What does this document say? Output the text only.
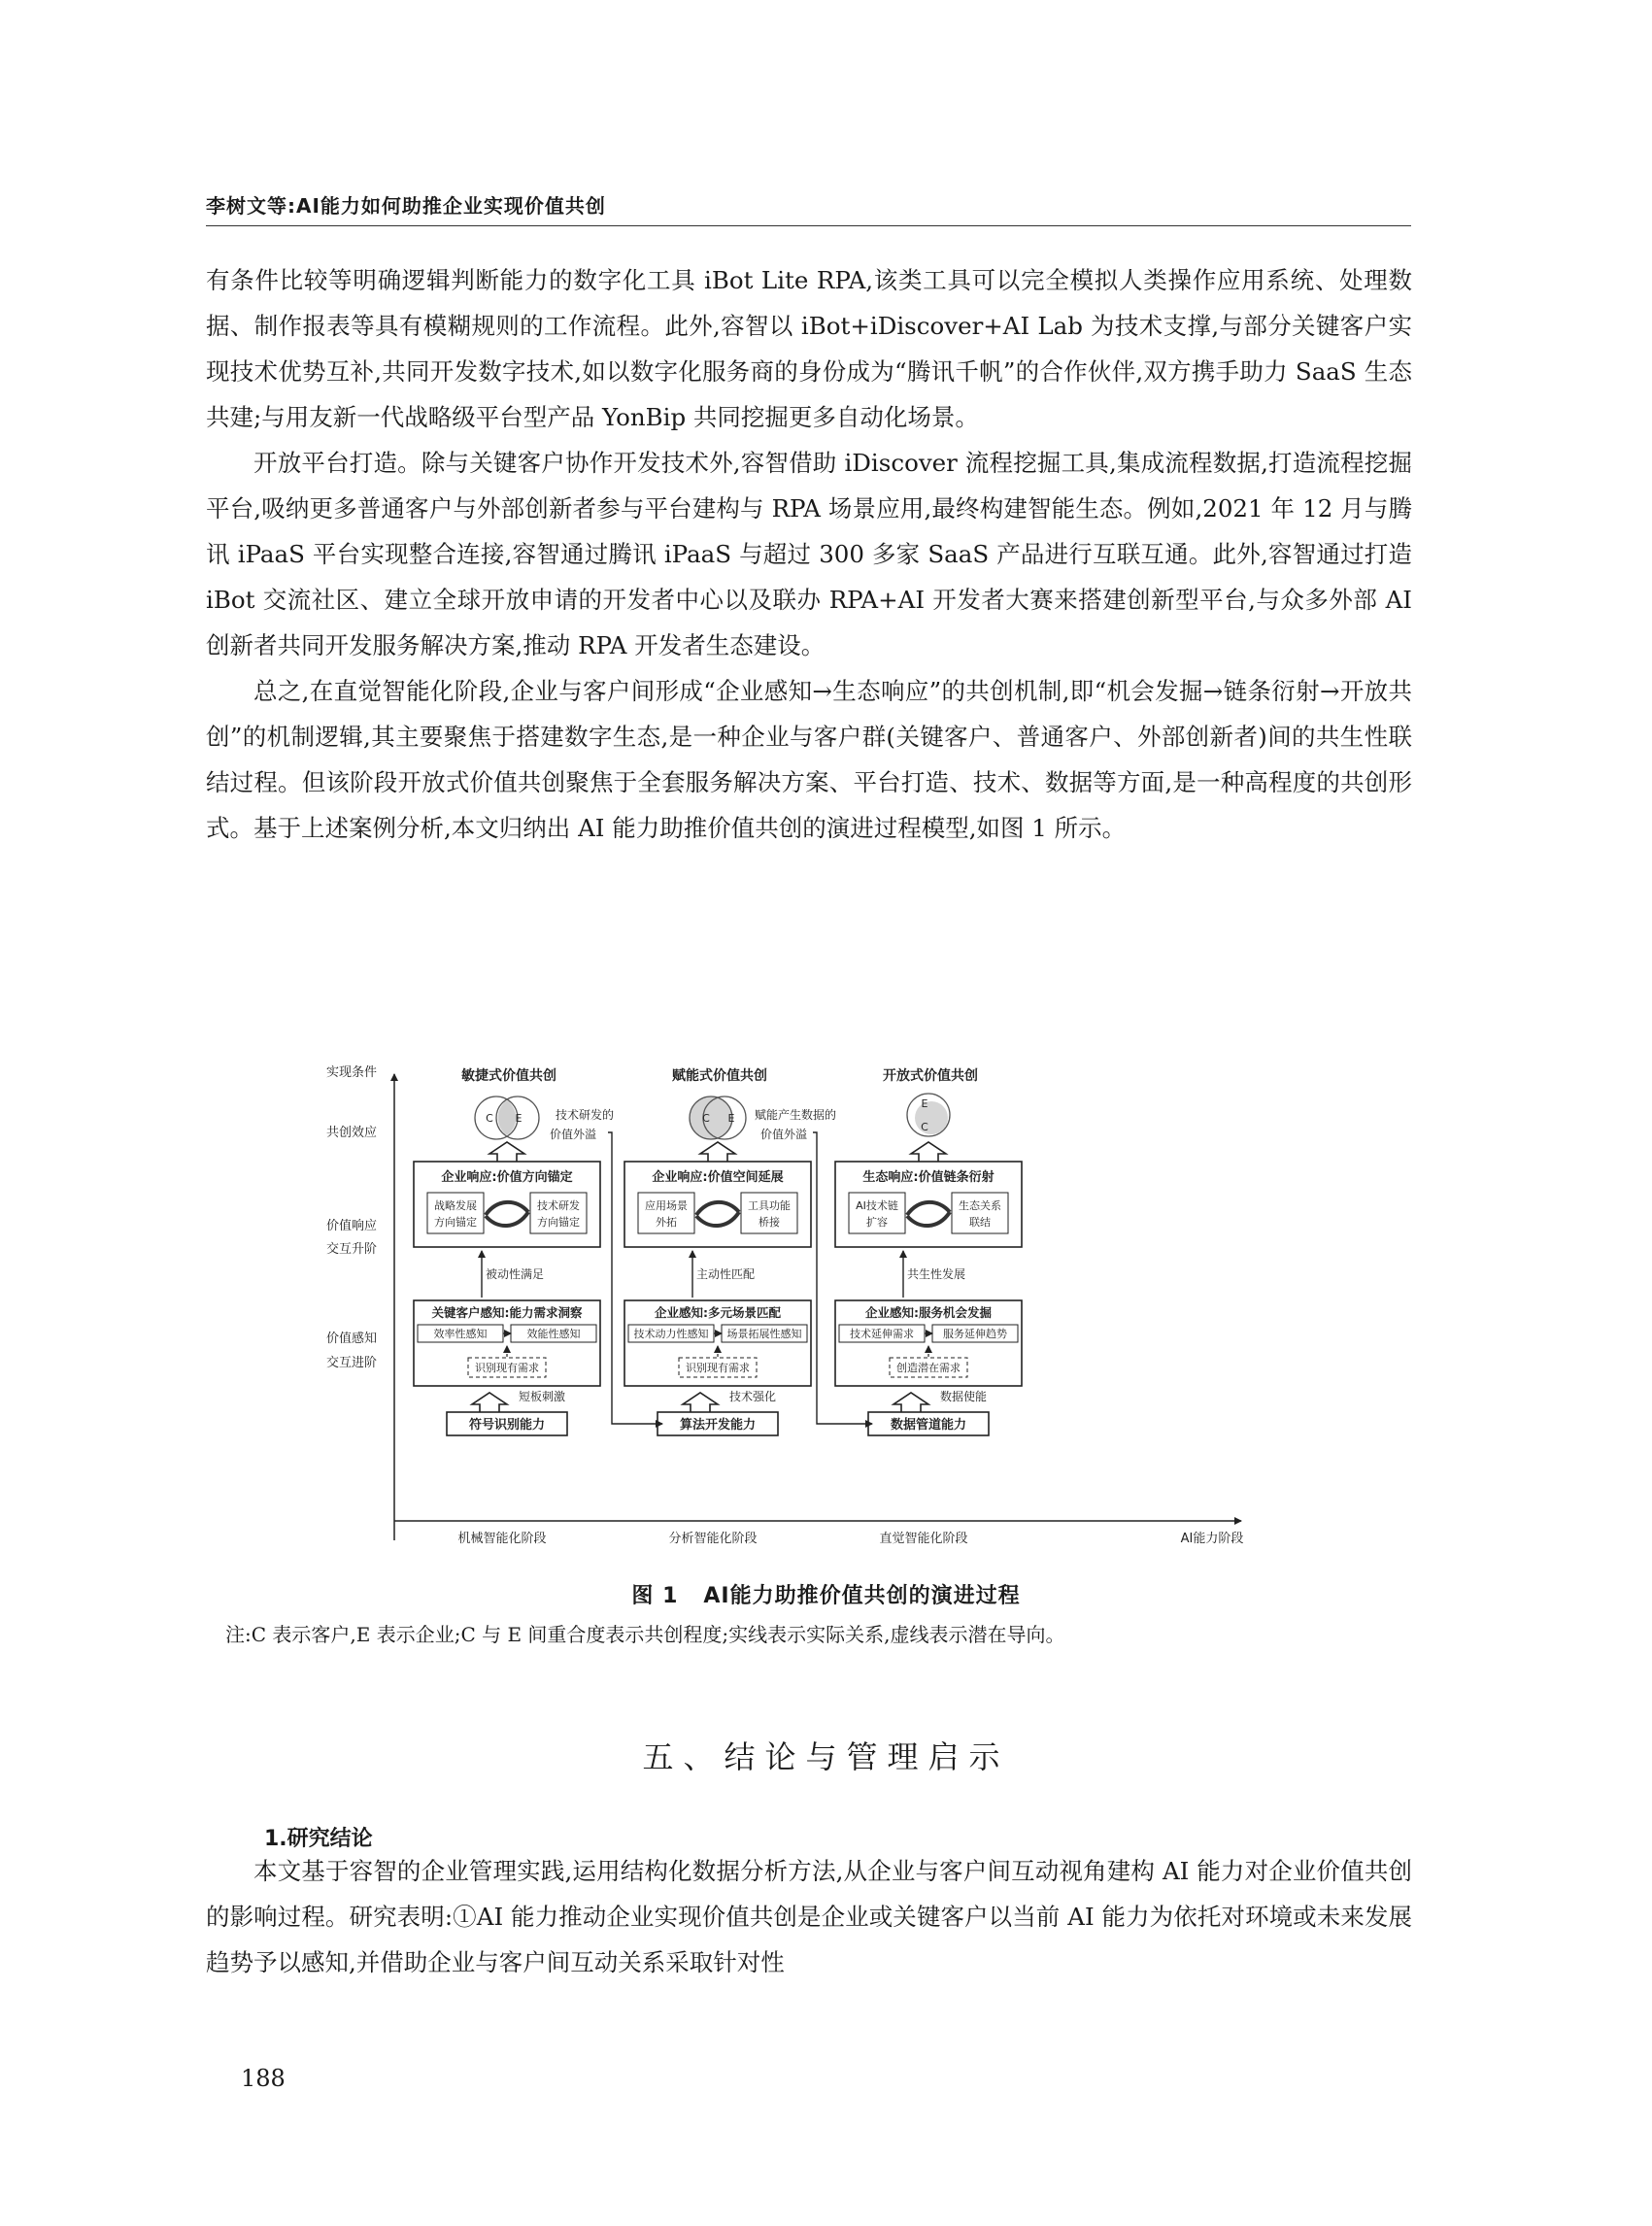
李树文等:AI能力如何助推企业实现价值共创

有条件比较等明确逻辑判断能力的数字化工具 iBot Lite RPA,该类工具可以完全模拟人类操作应用系统、处理数据、制作报表等具有模糊规则的工作流程。此外,容智以 iBot+iDiscover+AI Lab 为技术支撑,与部分关键客户实现技术优势互补,共同开发数字技术,如以数字化服务商的身份成为“腾讯千帆”的合作伙伴,双方携手助力 SaaS 生态共建;与用友新一代战略级平台型产品 YonBip 共同挖掘更多自动化场景。

开放平台打造。除与关键客户协作开发技术外,容智借助 iDiscover 流程挖掘工具,集成流程数据,打造流程挖掘平台,吸纳更多普通客户与外部创新者参与平台建构与 RPA 场景应用,最终构建智能生态。例如,2021 年 12 月与腾讯 iPaaS 平台实现整合连接,容智通过腾讯 iPaaS 与超过 300 多家 SaaS 产品进行互联互通。此外,容智通过打造 iBot 交流社区、建立全球开放申请的开发者中心以及联办 RPA+AI 开发者大赛来搭建创新型平台,与众多外部 AI 创新者共同开发服务解决方案,推动 RPA 开发者生态建设。

总之,在直觉智能化阶段,企业与客户间形成“企业感知→生态响应”的共创机制,即“机会发掘→链条衍射→开放共创”的机制逻辑,其主要聚焦于搭建数字生态,是一种企业与客户群(关键客户、普通客户、外部创新者)间的共生性联结过程。但该阶段开放式价值共创聚焦于全套服务解决方案、平台打造、技术、数据等方面,是一种高程度的共创形式。基于上述案例分析,本文归纳出 AI 能力助推价值共创的演进过程模型,如图 1 所示。

实现条件
共创效应
价值响应
交互升阶
价值感知
交互进阶
AI能力阶段
机械智能化阶段
敏捷式价值共创
C E	技术研发的
价值外溢
企业响应:价值方向锚定
战略发展
方向锚定
技术研发
方向锚定
被动性满足
关键客户感知:能力需求洞察
效率性感知	效能性感知
识别现有需求
短板刺激
符号识别能力
分析智能化阶段
赋能式价值共创
C E 赋能产生数据的
价值外溢
企业响应:价值空间延展
应用场景
外拓
工具功能
桥接
主动性匹配
企业感知:多元场景匹配
技术动力性感知 场景拓展性感知
识别现有需求
技术强化
算法开发能力
直觉智能化阶段
开放式价值共创
E
C
生态响应:价值链条衍射
AI技术链
扩容
生态关系
联结
共生性发展
企业感知:服务机会发掘
技术延伸需求	服务延伸趋势
创造潜在需求
数据使能
数据管道能力
图 1 AI能力助推价值共创的演进过程
注:C 表示客户,E 表示企业;C 与 E 间重合度表示共创程度;实线表示实际关系,虚线表示潜在导向。
五、结论与管理启示
1.研究结论

本文基于容智的企业管理实践,运用结构化数据分析方法,从企业与客户间互动视角建构 AI 能力对企业价值共创的影响过程。研究表明:①AI 能力推动企业实现价值共创是企业或关键客户以当前 AI 能力为依托对环境或未来发展趋势予以感知,并借助企业与客户间互动关系采取针对性

188
